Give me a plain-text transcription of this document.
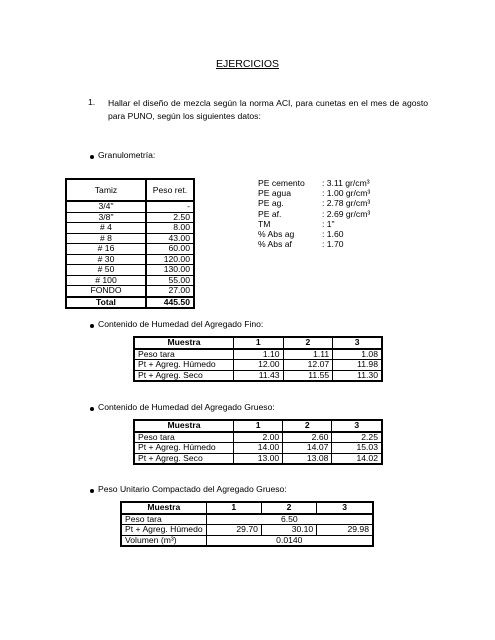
EJERCICIOS
1. Hallar el diseño de mezcla según la norma ACI, para cunetas en el mes de agosto para PUNO, según los siguientes datos:
Granulometría:
Tamiz	Peso ret.
3/4"	-
3/8"	2.50
# 4	8.00
# 8	43.00
# 16	60.00
# 30	120.00
# 50	130.00
# 100	55.00
FONDO	27.00
Total	445.50
PE cemento : 3.11 gr/cm³
PE agua	: 1.00 gr/cm³
PE ag.	: 2.78 gr/cm³
PE af.	: 2.69 gr/cm³
TM	: 1"
% Abs ag	: 1.60
% Abs af	: 1.70
Contenido de Humedad del Agregado Fino:
Muestra	1	2	3
Peso tara	1.10	1.11	1.08
Pt + Agreg. Húmedo	12.00	12.07	11.98
Pt + Agreg. Seco	11.43	11.55	11.30
Contenido de Humedad del Agregado Grueso:
Muestra	1	2	3
Peso tara	2.00	2.60	2.25
Pt + Agreg. Húmedo	14.00	14.07	15.03
Pt + Agreg. Seco	13.00	13.08	14.02
Peso Unitario Compactado del Agregado Grueso:
Muestra	1	2	3
Peso tara	6.50		
Pt + Agreg. Húmedo	29.70	30.10	29.98
Volumen (m³)	0.0140		
